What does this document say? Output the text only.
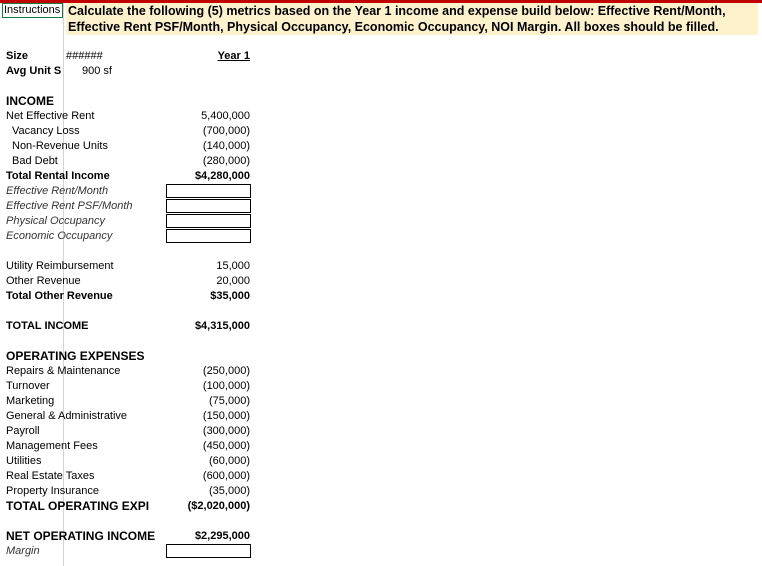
Instructions Calculate the following (5) metrics based on the Year 1 income and expense build below: Effective Rent/Month, Effective Rent PSF/Month, Physical Occupancy, Economic Occupancy, NOI Margin. All boxes should be filled.
Size	######
Avg Unit S	900 sf
Year 1
INCOME
Net Effective Rent	5,400,000
Vacancy Loss	(700,000)
Non-Revenue Units	(140,000)
Bad Debt	(280,000)
Total Rental Income	$4,280,000
Effective Rent/Month
Effective Rent PSF/Month
Physical Occupancy
Economic Occupancy
Utility Reimbursement	15,000
Other Revenue	20,000
Total Other Revenue	$35,000
TOTAL INCOME	$4,315,000
OPERATING EXPENSES
Repairs & Maintenance	(250,000)
Turnover	(100,000)
Marketing	(75,000)
General & Administrative	(150,000)
Payroll	(300,000)
Management Fees	(450,000)
Utilities	(60,000)
Real Estate Taxes	(600,000)
Property Insurance	(35,000)
TOTAL OPERATING EXPI	($2,020,000)
NET OPERATING INCOME	$2,295,000
Margin
